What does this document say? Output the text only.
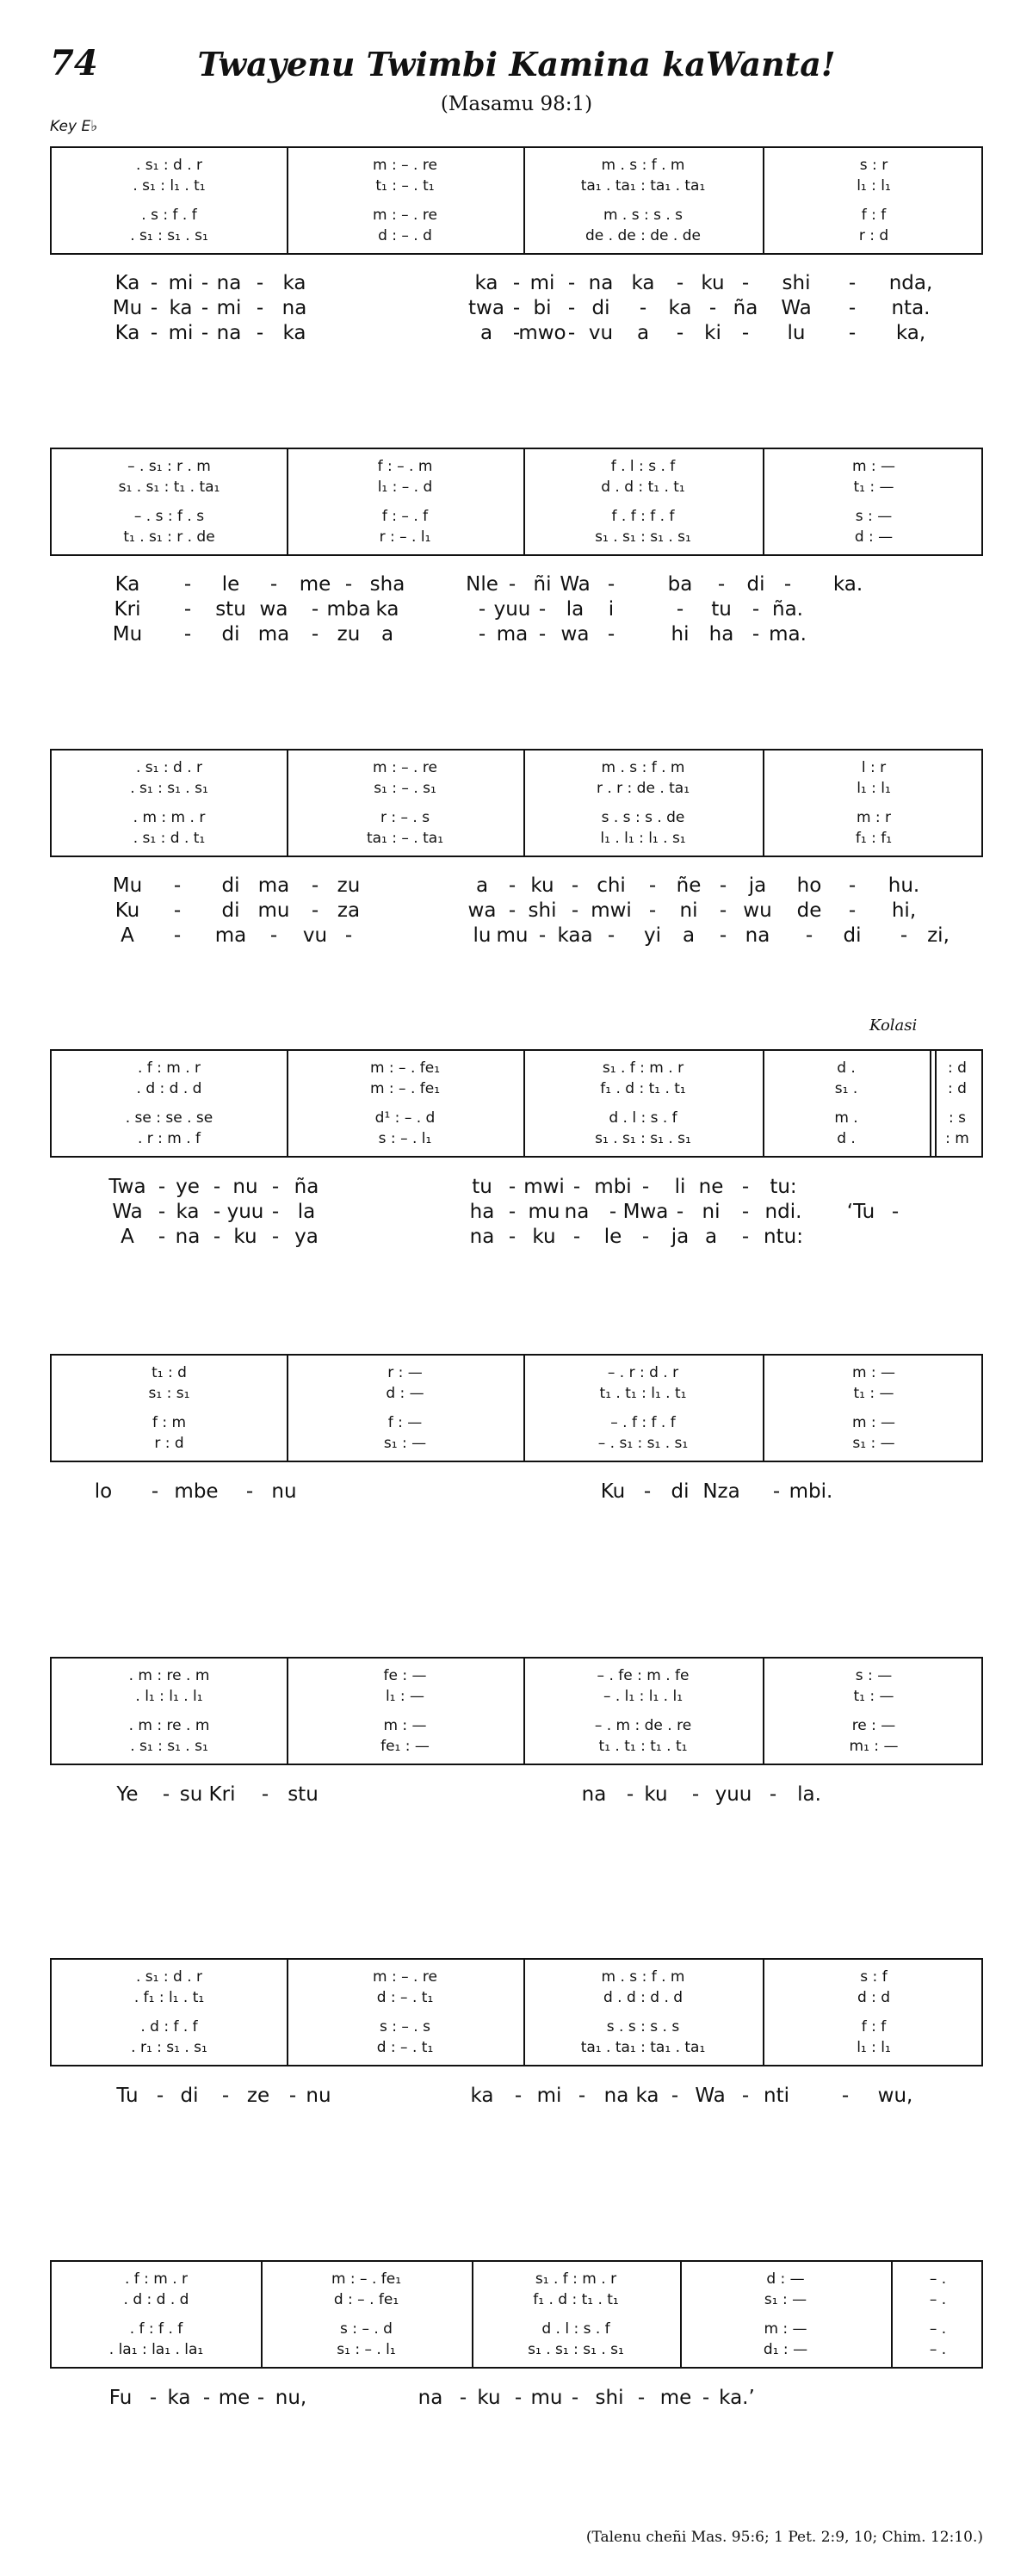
74	Twayenu Twimbi Kamina kaWanta!
(Masamu 98:1)
Key E♭
Kolasi
(Talenu cheñi Mas. 95:6; 1 Pet. 2:9, 10; Chim. 12:10.)
. s₁ : d . r	m : – . re	m . s : f . m	s : r
. s₁ : l₁ . t₁	t₁ : – . t₁	ta₁ . ta₁ : ta₁ . ta₁	l₁ : l₁
. s : f . f	m : – . re	m . s : s . s	f : f
. s₁ : s₁ . s₁	d : – . d	de . de : de . de	r : d
Ka - mi - na - ka	ka - mi - na ka	- ku -	shi	-	nda,
Mu - ka - mi - na	twa - bi - di	-	ka - ña	Wa	-	nta.
Ka - mi - na - ka	a	-
mwo - vu	a	-	ki	-	lu	-	ka,
– . s₁ : r . m	f : – . m	f . l : s . f	m : —
s₁ . s₁ : t₁ . ta₁	l₁ : – . d	d . d : t₁ . t₁	t₁ : —
– . s : f . s	f : – . f	f . f : f . f	s : —
t₁ . s₁ : r . de	r : – . l₁	s₁ . s₁ : s₁ . s₁	d : —
Ka	-	le	-	me - sha	Nle - ñi Wa -	ba	-	di -	ka.
Kri	-	stu wa	- mba ka	- yuu -	la	i	-	tu	- ña.
Mu	-	di ma	- zu	a	- ma - wa -	hi	ha - ma.
. s₁ : d . r	m : – . re	m . s : f . m	l : r
. s₁ : s₁ . s₁	s₁ : – . s₁	r . r : de . ta₁	l₁ : l₁
. m : m . r	r : – . s	s . s : s . de	m : r
. s₁ : d . t₁	ta₁ : – . ta₁	l₁ . l₁ : l₁ . s₁	f₁ : f₁
Mu	-	di ma	- zu	a	- ku - chi	-	ñe -	ja	ho	-	hu.
Ku	-	di mu	- za	wa - shi - mwi -	ni	- wu	de	-	hi,
A	-	ma	-	vu -	lu mu - kaa -	yi	a	- na	-	di	- zi,
. f : m . r	m : – . fe₁	s₁ . f : m . r	d .	: d
. d : d . d	m : – . fe₁	f₁ . d : t₁ . t₁	s₁ .	: d
. se : se . se	d¹ : – . d	d . l : s . f	m .	: s
. r : m . f	s : – . l₁	s₁ . s₁ : s₁ . s₁	d .	: m
Twa - ye - nu - ña	tu - mwi - mbi -	li ne -	tu:
Wa - ka - yuu - la	ha - mu na	- Mwa - ni	- ndi.	‘Tu -
A	- na - ku - ya	na - ku -	le	-	ja a	- ntu:
t₁ : d	r : —	– . r : d . r	m : —
s₁ : s₁	d : —	t₁ . t₁ : l₁ . t₁	t₁ : —
f : m	f : —	– . f : f . f	m : —
r : d	s₁ : —	– . s₁ : s₁ . s₁	s₁ : —
lo	- mbe	- nu	Ku -	di Nza	- mbi.
. m : re . m	fe : —	– . fe : m . fe	s : —
. l₁ : l₁ . l₁	l₁ : —	– . l₁ : l₁ . l₁	t₁ : —
. m : re . m	m : —	– . m : de . re	re : —
. s₁ : s₁ . s₁	fe₁ : —	t₁ . t₁ : t₁ . t₁	m₁ : —
Ye	- su Kri	- stu	na	- ku	- yuu -	la.
. s₁ : d . r	m : – . re	m . s : f . m	s : f
. f₁ : l₁ . t₁	d : – . t₁	d . d : d . d	d : d
. d : f . f	s : – . s	s . s : s . s	f : f
. r₁ : s₁ . s₁	d : – . t₁	ta₁ . ta₁ : ta₁ . ta₁	l₁ : l₁
Tu - di	- ze - nu	ka	- mi - na ka - Wa - nti	-	wu,
. f : m . r	m : – . fe₁	s₁ . f : m . r	d : —	– .
. d : d . d	d : – . fe₁	f₁ . d : t₁ . t₁	s₁ : —	– .
. f : f . f	s : – . d	d . l : s . f	m : —	– .
. la₁ : la₁ . la₁	s₁ : – . l₁	s₁ . s₁ : s₁ . s₁	d₁ : —	– .
Fu - ka - me - nu,	na - ku - mu - shi - me - ka.’
